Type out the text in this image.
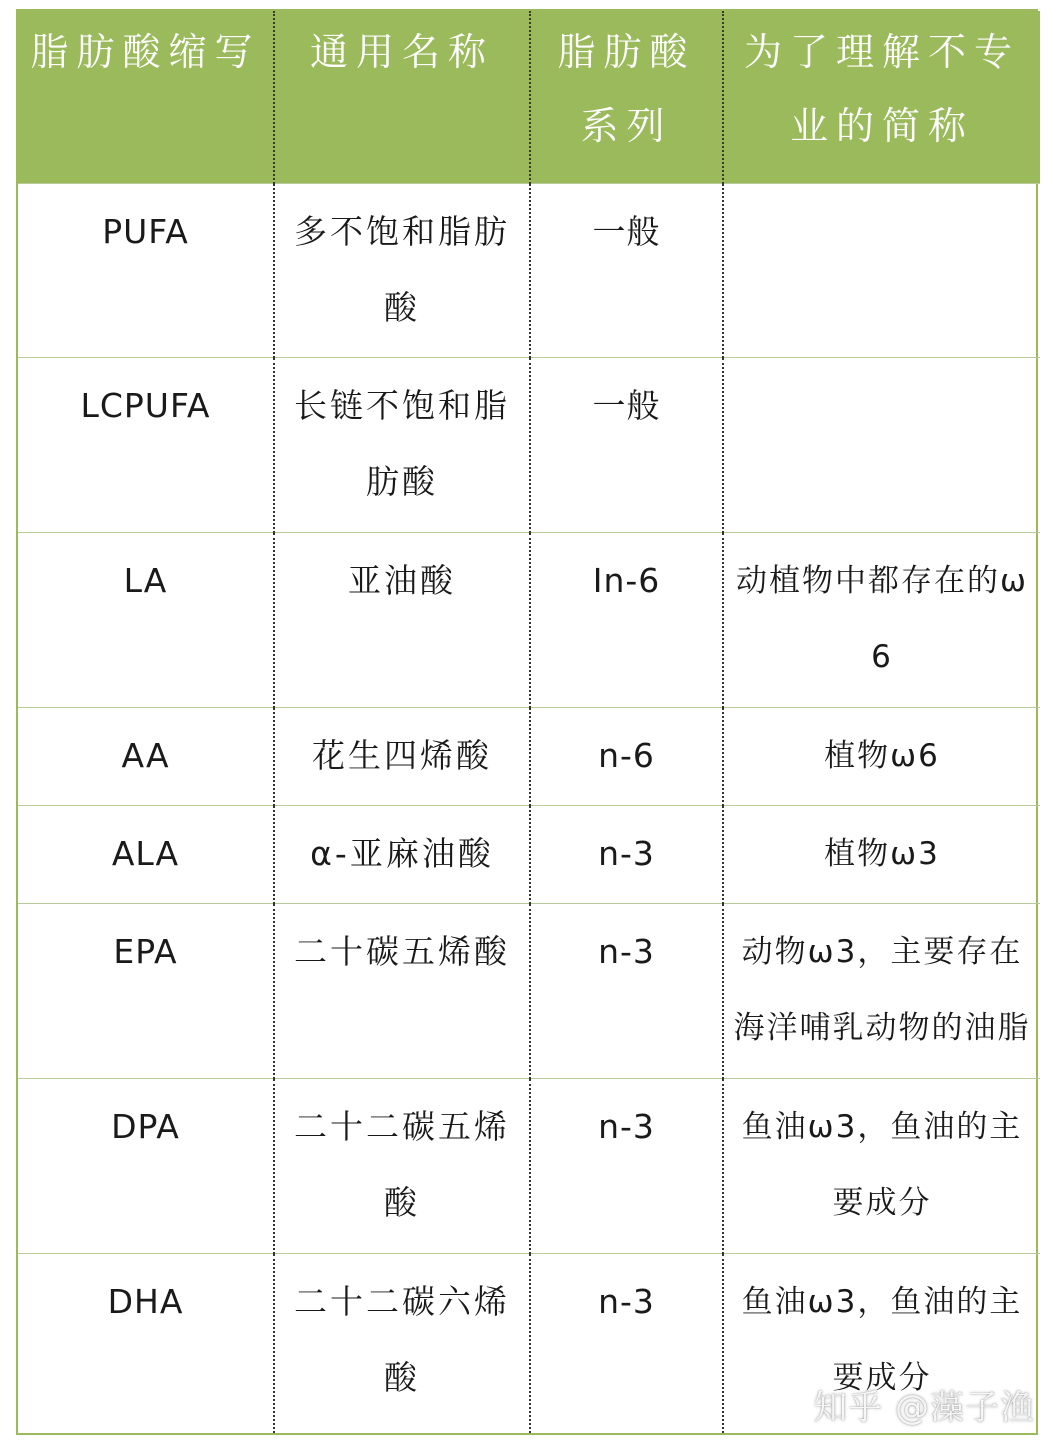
脂肪酸缩写	通用名称	脂肪酸系列	为了理解不专业的简称
PUFA	多不饱和脂肪酸	一般	
LCPUFA	长链不饱和脂肪酸	一般	
LA	亚油酸	In-6	动植物中都存在的ω6
AA	花生四烯酸	n-6	植物ω6
ALA	α-亚麻油酸	n-3	植物ω3
EPA	二十碳五烯酸	n-3	动物ω3，主要存在海洋哺乳动物的油脂
DPA	二十二碳五烯酸	n-3	鱼油ω3，鱼油的主要成分
DHA	二十二碳六烯酸	n-3	鱼油ω3，鱼油的主要成分
知乎 @藻子渔
